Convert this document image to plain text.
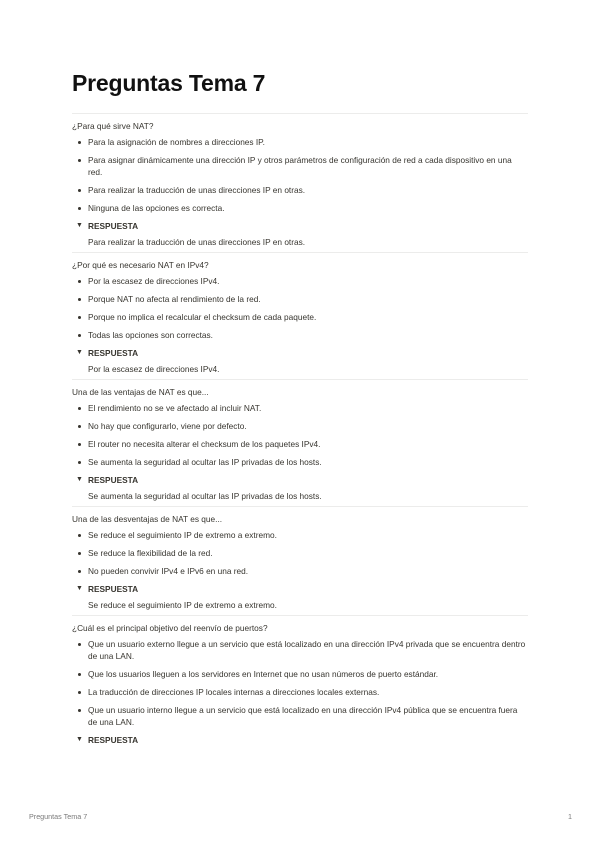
Preguntas Tema 7

¿Para qué sirve NAT?

Para la asignación de nombres a direcciones IP.
Para asignar dinámicamente una dirección IP y otros parámetros de configuración de red a cada dispositivo en una red.
Para realizar la traducción de unas direcciones IP en otras.
Ninguna de las opciones es correcta.
▼ RESPUESTA
Para realizar la traducción de unas direcciones IP en otras.

¿Por qué es necesario NAT en IPv4?

Por la escasez de direcciones IPv4.
Porque NAT no afecta al rendimiento de la red.
Porque no implica el recalcular el checksum de cada paquete.
Todas las opciones son correctas.
▼ RESPUESTA
Por la escasez de direcciones IPv4.

Una de las ventajas de NAT es que...

El rendimiento no se ve afectado al incluir NAT.
No hay que configurarlo, viene por defecto.
El router no necesita alterar el checksum de los paquetes IPv4.
Se aumenta la seguridad al ocultar las IP privadas de los hosts.
▼ RESPUESTA
Se aumenta la seguridad al ocultar las IP privadas de los hosts.

Una de las desventajas de NAT es que...

Se reduce el seguimiento IP de extremo a extremo.
Se reduce la flexibilidad de la red.
No pueden convivir IPv4 e IPv6 en una red.
▼ RESPUESTA
Se reduce el seguimiento IP de extremo a extremo.

¿Cuál es el principal objetivo del reenvío de puertos?

Que un usuario externo llegue a un servicio que está localizado en una dirección IPv4 privada que se encuentra dentro de una LAN.
Que los usuarios lleguen a los servidores en Internet que no usan números de puerto estándar.
La traducción de direcciones IP locales internas a direcciones locales externas.
Que un usuario interno llegue a un servicio que está localizado en una dirección IPv4 pública que se encuentra fuera de una LAN.
▼ RESPUESTA
Preguntas Tema 7	1
